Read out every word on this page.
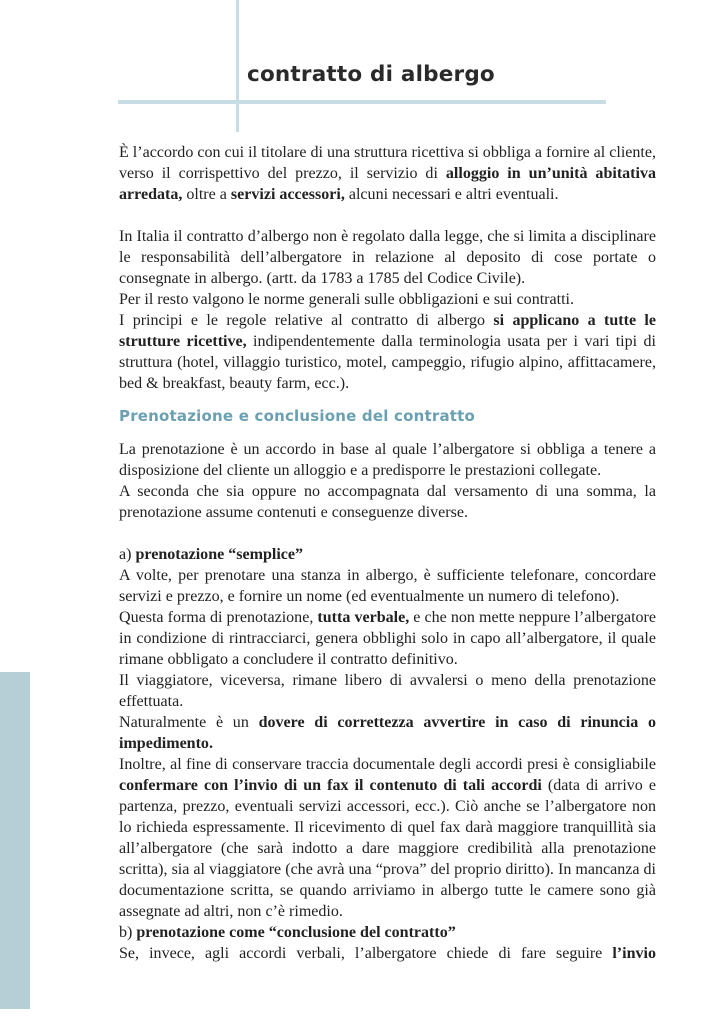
contratto di albergo

È l’accordo con cui il titolare di una struttura ricettiva si obbliga a fornire al cliente, verso il corrispettivo del prezzo, il servizio di alloggio in un’unità abitativa arredata, oltre a servizi accessori, alcuni necessari e altri eventuali.

In Italia il contratto d’albergo non è regolato dalla legge, che si limita a disciplinare le responsabilità dell’albergatore in relazione al deposito di cose portate o consegnate in albergo. (artt. da 1783 a 1785 del Codice Civile).

Per il resto valgono le norme generali sulle obbligazioni e sui contratti.

I principi e le regole relative al contratto di albergo si applicano a tutte le strutture ricettive, indipendentemente dalla terminologia usata per i vari tipi di struttura (hotel, villaggio turistico, motel, campeggio, rifugio alpino, affittacamere, bed & breakfast, beauty farm, ecc.).

Prenotazione e conclusione del contratto

La prenotazione è un accordo in base al quale l’albergatore si obbliga a tenere a disposizione del cliente un alloggio e a predisporre le prestazioni collegate.

A seconda che sia oppure no accompagnata dal versamento di una somma, la prenotazione assume contenuti e conseguenze diverse.

a) prenotazione “semplice”

A volte, per prenotare una stanza in albergo, è sufficiente telefonare, concordare servizi e prezzo, e fornire un nome (ed eventualmente un numero di telefono).

Questa forma di prenotazione, tutta verbale, e che non mette neppure l’albergatore in condizione di rintracciarci, genera obblighi solo in capo all’albergatore, il quale rimane obbligato a concludere il contratto definitivo.

Il viaggiatore, viceversa, rimane libero di avvalersi o meno della prenotazione effettuata.

Naturalmente è un dovere di correttezza avvertire in caso di rinuncia o impedimento.

Inoltre, al fine di conservare traccia documentale degli accordi presi è consigliabile confermare con l’invio di un fax il contenuto di tali accordi (data di arrivo e partenza, prezzo, eventuali servizi accessori, ecc.). Ciò anche se l’albergatore non lo richieda espressamente. Il ricevimento di quel fax darà maggiore tranquillità sia all’albergatore (che sarà indotto a dare maggiore credibilità alla prenotazione scritta), sia al viaggiatore (che avrà una “prova” del proprio diritto). In mancanza di documentazione scritta, se quando arriviamo in albergo tutte le camere sono già assegnate ad altri, non c’è rimedio.

b) prenotazione come “conclusione del contratto”

Se, invece, agli accordi verbali, l’albergatore chiede di fare seguire l’invio
